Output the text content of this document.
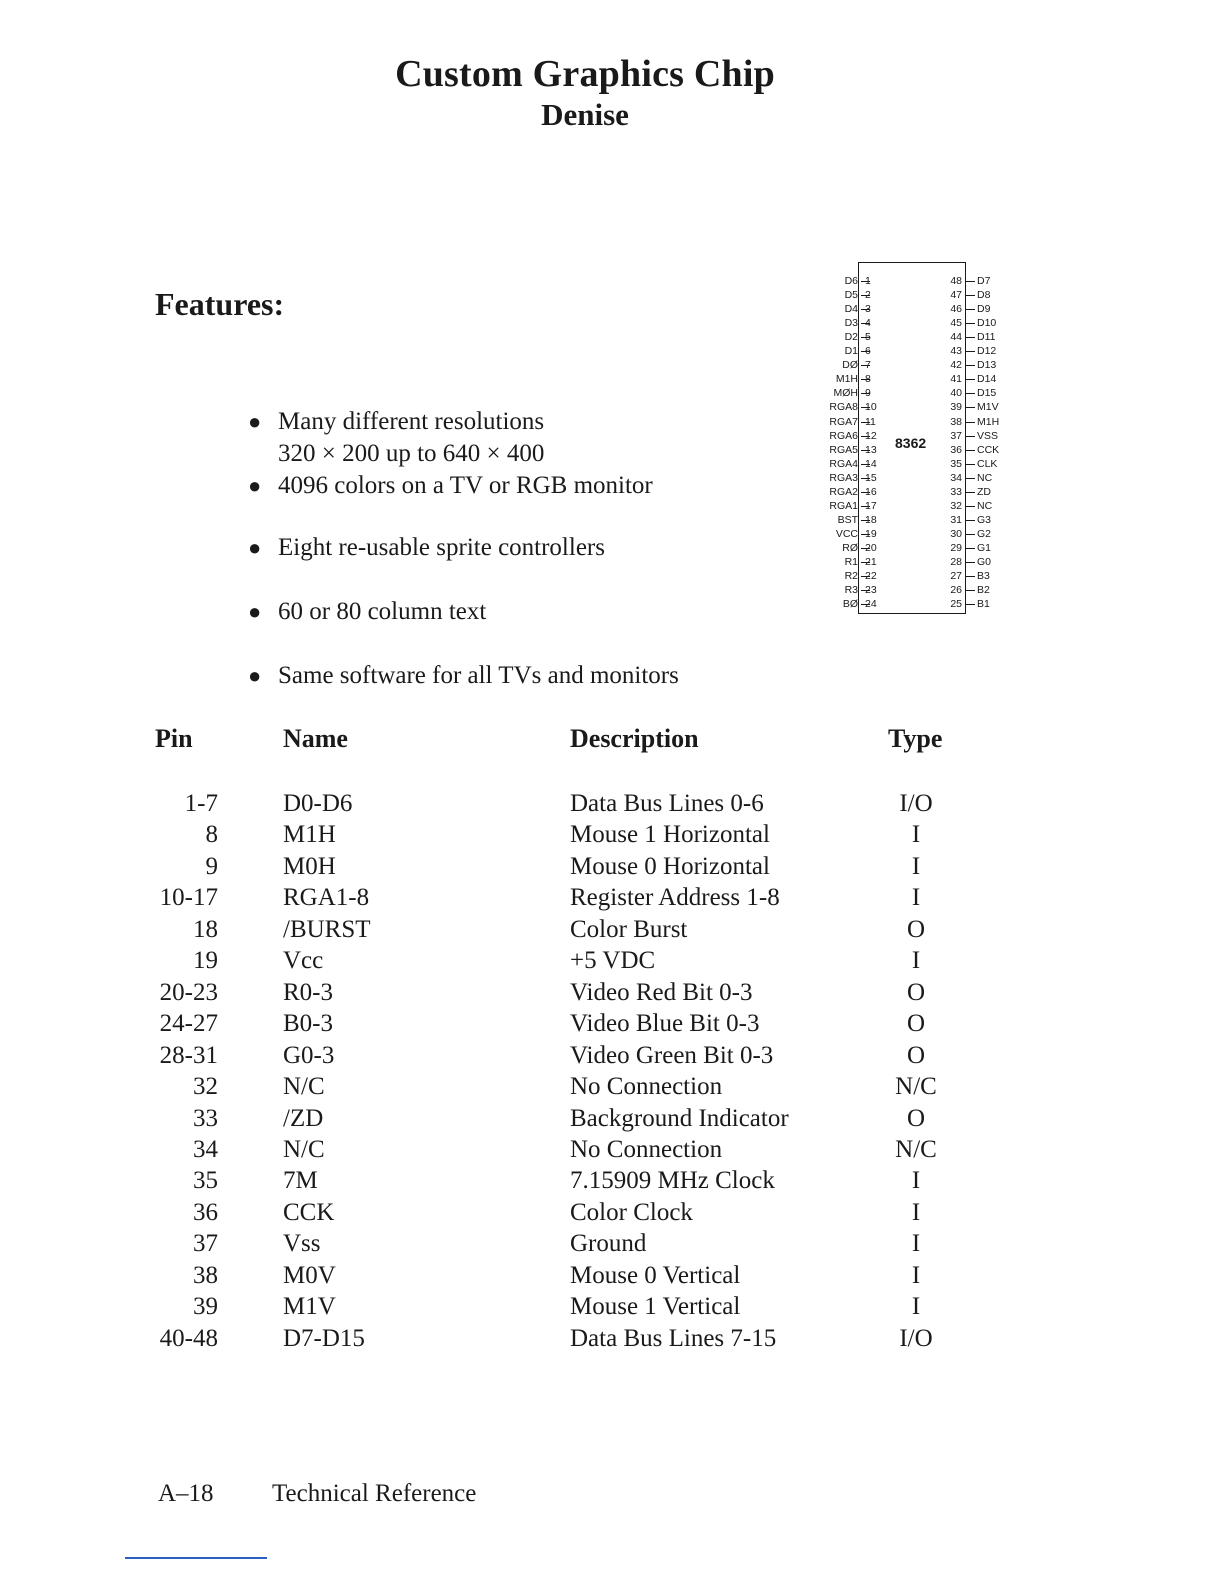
Custom Graphics Chip
Denise
Features:
● Many different resolutions
320 × 200 up to 640 × 400
● 4096 colors on a TV or RGB monitor
● Eight re-usable sprite controllers
● 60 or 80 column text
● Same software for all TVs and monitors
8362
D6 1
D5 2
D4 3
D3 4
D2 5
D1 6
DØ 7
M1H 8
MØH 9
RGA8 10
RGA7 11
RGA6 12
RGA5 13
RGA4 14
RGA3 15
RGA2 16
RGA1 17
BST 18
VCC 19
RØ 20
R1 21
R2 22
R3 23
BØ 24
48 D7
47 D8
46 D9
45 D10
44 D11
43 D12
42 D13
41 D14
40 D15
39 M1V
38 M1H
37 VSS
36 CCK
35 CLK
34 NC
33 ZD
32 NC
31 G3
30 G2
29 G1
28 G0
27 B3
26 B2
25 B1
Pin	Name	Description	Type
1-7	D0-D6	Data Bus Lines 0-6	I/O
8	M1H	Mouse 1 Horizontal	I
9	M0H	Mouse 0 Horizontal	I
10-17	RGA1-8	Register Address 1-8	I
18	/BURST	Color Burst	O
19	Vcc	+5 VDC	I
20-23	R0-3	Video Red Bit 0-3	O
24-27	B0-3	Video Blue Bit 0-3	O
28-31	G0-3	Video Green Bit 0-3	O
32	N/C	No Connection	N/C
33	/ZD	Background Indicator	O
34	N/C	No Connection	N/C
35	7M	7.15909 MHz Clock	I
36	CCK	Color Clock	I
37	Vss	Ground	I
38	M0V	Mouse 0 Vertical	I
39	M1V	Mouse 1 Vertical	I
40-48	D7-D15	Data Bus Lines 7-15	I/O
A–18 Technical Reference
